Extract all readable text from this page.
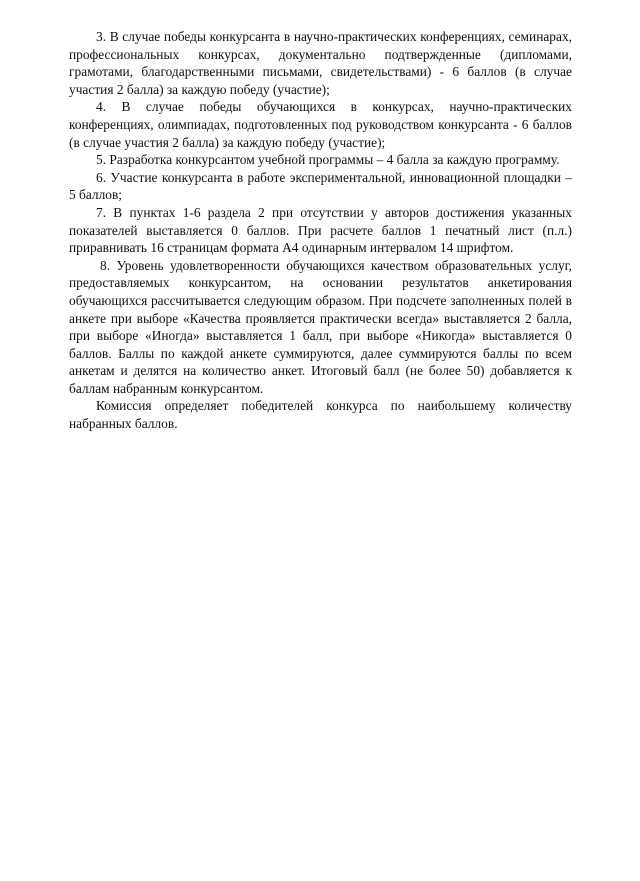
3. В случае победы конкурсанта в научно-практических конференциях, семинарах, профессиональных конкурсах, документально подтвержденные (дипломами, грамотами, благодарственными письмами, свидетельствами) - 6 баллов (в случае участия 2 балла) за каждую победу (участие);

4. В случае победы обучающихся в конкурсах, научно-практических конференциях, олимпиадах, подготовленных под руководством конкурсанта - 6 баллов (в случае участия 2 балла) за каждую победу (участие);

5. Разработка конкурсантом учебной программы – 4 балла за каждую программу.

6. Участие конкурсанта в работе экспериментальной, инновационной площадки – 5 баллов;

7. В пунктах 1-6 раздела 2 при отсутствии у авторов достижения указанных показателей выставляется 0 баллов. При расчете баллов 1 печатный лист (п.л.) приравнивать 16 страницам формата А4 одинарным интервалом 14 шрифтом.

8. Уровень удовлетворенности обучающихся качеством образовательных услуг, предоставляемых конкурсантом, на основании результатов анкетирования обучающихся рассчитывается следующим образом. При подсчете заполненных полей в анкете при выборе «Качества проявляется практически всегда» выставляется 2 балла, при выборе «Иногда» выставляется 1 балл, при выборе «Никогда» выставляется 0 баллов. Баллы по каждой анкете суммируются, далее суммируются баллы по всем анкетам и делятся на количество анкет. Итоговый балл (не более 50) добавляется к баллам набранным конкурсантом.

Комиссия определяет победителей конкурса по наибольшему количеству набранных баллов.
